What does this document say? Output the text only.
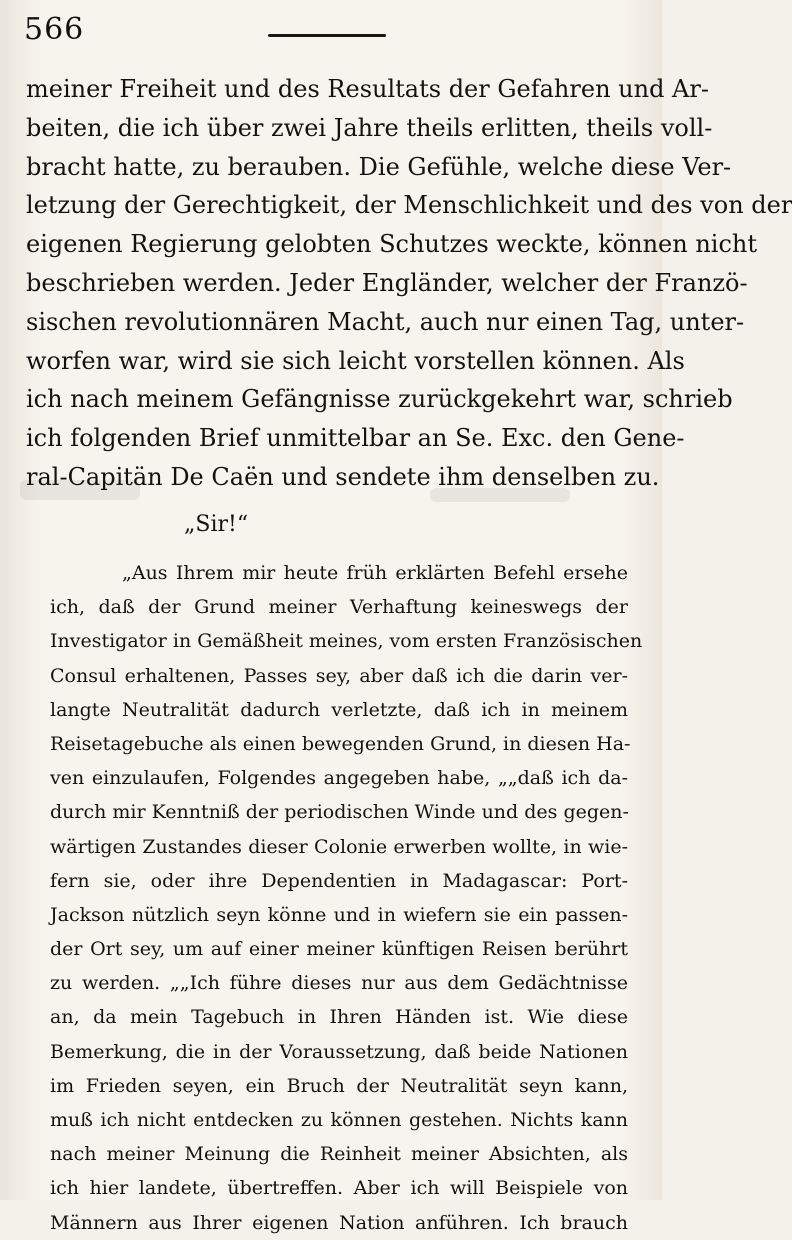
566
meiner Freiheit und des Resultats der Gefahren und Ar-
beiten, die ich über zwei Jahre theils erlitten, theils voll-
bracht hatte, zu berauben. Die Gefühle, welche diese Ver-
letzung der Gerechtigkeit, der Menschlichkeit und des von der
eigenen Regierung gelobten Schutzes weckte, können nicht
beschrieben werden. Jeder Engländer, welcher der Franzö-
sischen revolutionnären Macht, auch nur einen Tag, unter-
worfen war, wird sie sich leicht vorstellen können. Als
ich nach meinem Gefängnisse zurückgekehrt war, schrieb
ich folgenden Brief unmittelbar an Se. Exc. den Gene-
ral-Capitän De Caën und sendete ihm denselben zu.
„Sir!“
„Aus Ihrem mir heute früh erklärten Befehl ersehe
ich, daß der Grund meiner Verhaftung keineswegs der
Investigator in Gemäßheit meines, vom ersten Französischen
Consul erhaltenen, Passes sey, aber daß ich die darin ver-
langte Neutralität dadurch verletzte, daß ich in meinem
Reisetagebuche als einen bewegenden Grund, in diesen Ha-
ven einzulaufen, Folgendes angegeben habe, „„daß ich da-
durch mir Kenntniß der periodischen Winde und des gegen-
wärtigen Zustandes dieser Colonie erwerben wollte, in wie-
fern sie, oder ihre Dependentien in Madagascar: Port-
Jackson nützlich seyn könne und in wiefern sie ein passen-
der Ort sey, um auf einer meiner künftigen Reisen berührt
zu werden. „„Ich führe dieses nur aus dem Gedächtnisse
an, da mein Tagebuch in Ihren Händen ist. Wie diese
Bemerkung, die in der Voraussetzung, daß beide Nationen
im Frieden seyen, ein Bruch der Neutralität seyn kann,
muß ich nicht entdecken zu können gestehen. Nichts kann
nach meiner Meinung die Reinheit meiner Absichten, als
ich hier landete, übertreffen. Aber ich will Beispiele von
Männern aus Ihrer eigenen Nation anführen. Ich brauch
